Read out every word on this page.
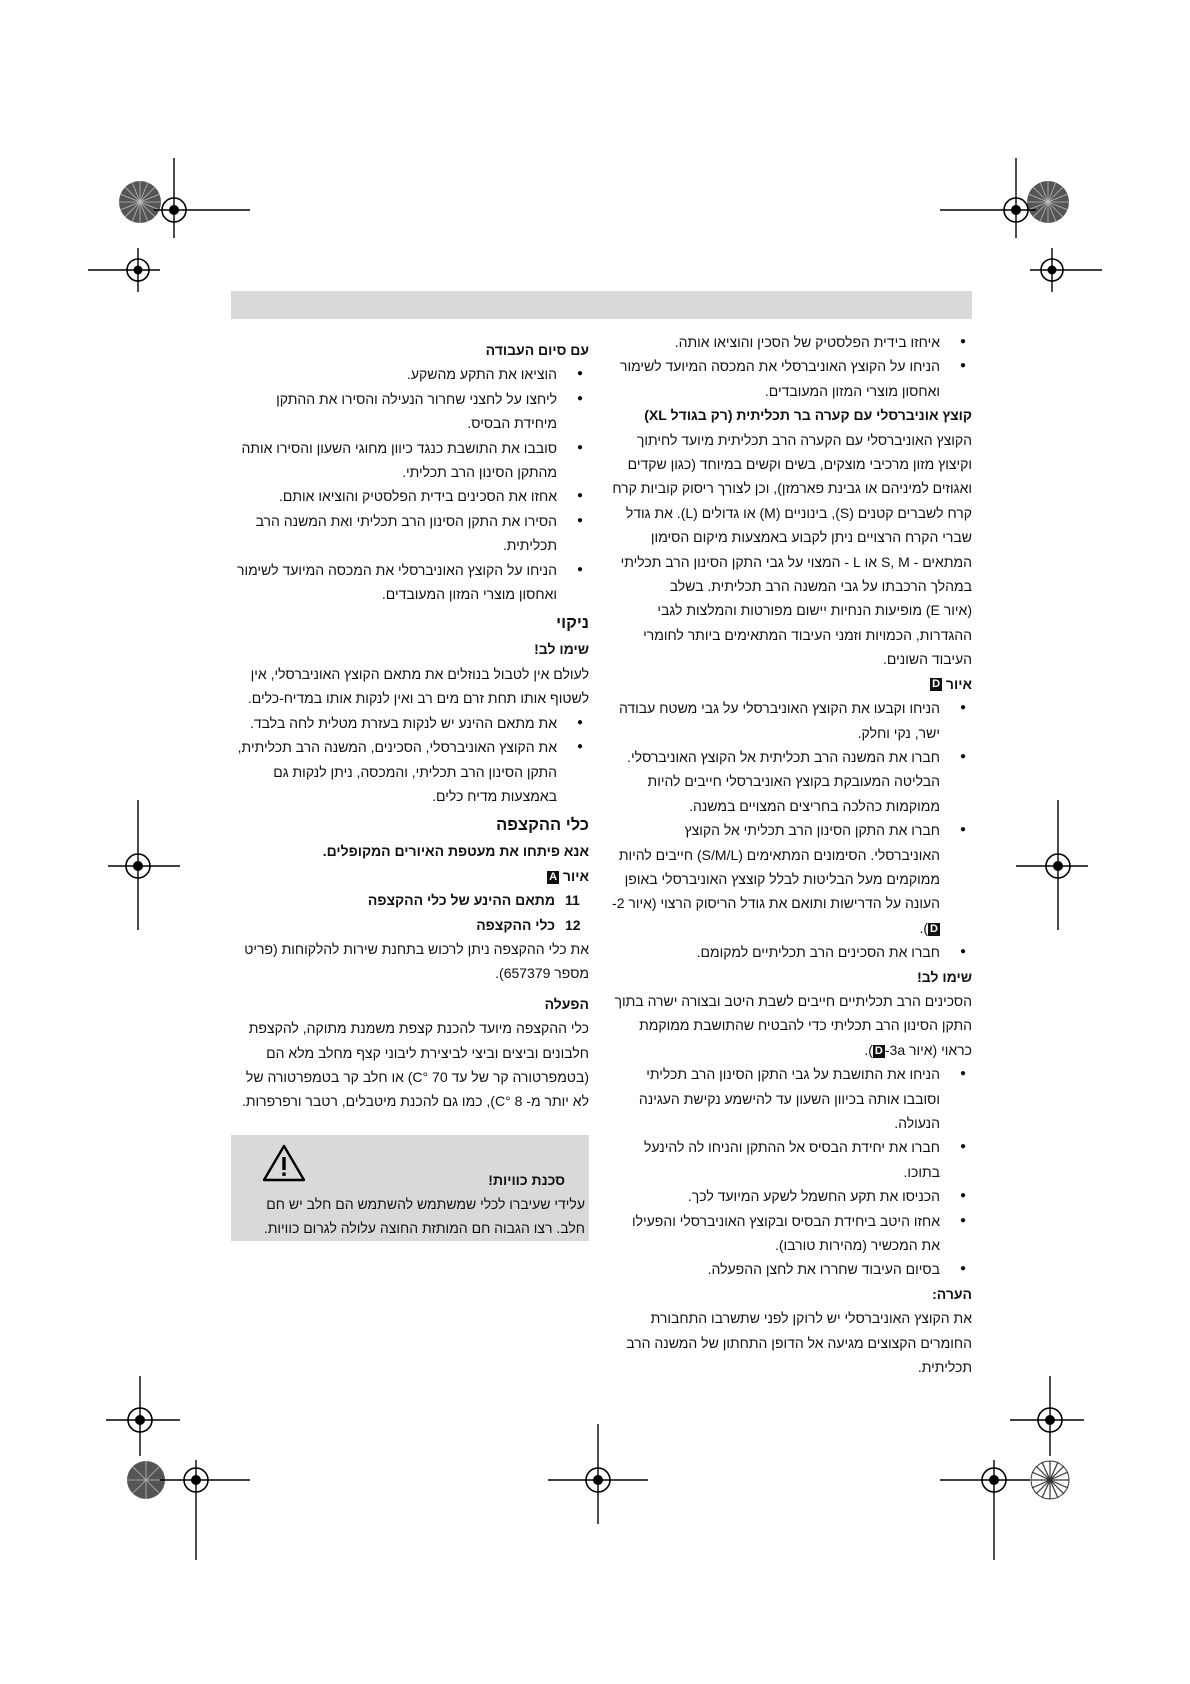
● איחזו בידית הפלסטיק של הסכין והוציאו אותה.
● הניחו על הקוצץ האוניברסלי את המכסה המיועד לשימור ואחסון מוצרי המזון המעובדים.

קוצץ אוניברסלי עם קערה בר תכליתית (רק בגודל XL)

הקוצץ האוניברסלי עם הקערה הרב תכליתית מיועד לחיתוך וקיצוץ מזון מרכיבי מוצקים, בשים וקשים במיוחד (כגון שקדים ואגוזים למיניהם או גבינת פארמזן), וכן לצורך ריסוק קוביות קרח קרח לשברים קטנים (S), בינוניים (M) או גדולים (L). את גודל שברי הקרח הרצויים ניתן לקבוע באמצעות מיקום הסימון המתאים - S, M או L - המצוי על גבי התקן הסינון הרב תכליתי במהלך הרכבתו על גבי המשנה הרב תכליתית. בשלב

(איור E) מופיעות הנחיות יישום מפורטות והמלצות לגבי ההגדרות, הכמויות וזמני העיבוד המתאימים ביותר לחומרי העיבוד השונים.

איור D

● הניחו וקבעו את הקוצץ האוניברסלי על גבי משטח עבודה ישר, נקי וחלק.
● חברו את המשנה הרב תכליתית אל הקוצץ האוניברסלי. הבליטה המעובקת בקוצץ האוניברסלי חייבים להיות ממוקמות כהלכה בחריצים המצויים במשנה.
● חברו את התקן הסינון הרב תכליתי אל הקוצץ האוניברסלי. הסימונים המתאימים (S/M/L) חייבים להיות ממוקמים מעל הבליטות לבלל קוצצץ האוניברסלי באופן העונה על הדרישות ותואם את גודל הריסוק הרצוי (איור 2-D).
● חברו את הסכינים הרב תכליתיים למקומם.

שימו לב!

הסכינים הרב תכליתיים חייבים לשבת היטב ובצורה ישרה בתוך התקן הסינון הרב תכליתי כדי להבטיח שהתושבת ממוקמת כראוי (איור 3a-D).

● הניחו את התושבת על גבי התקן הסינון הרב תכליתי וסובבו אותה בכיוון השעון עד להישמע נקישת העגינה הנעולה.
● חברו את יחידת הבסיס אל ההתקן והניחו לה להינעל בתוכו.
● הכניסו את תקע החשמל לשקע המיועד לכך.
● אחזו היטב ביחידת הבסיס ובקוצץ האוניברסלי והפעילו את המכשיר (מהירות טורבו).
● בסיום העיבוד שחררו את לחצן ההפעלה.

הערה:

את הקוצץ האוניברסלי יש לרוקן לפני שתשרבו התחבורת החומרים הקצוצים מגיעה אל הדופן התחתון של המשנה הרב תכליתית.

עם סיום העבודה

● הוציאו את התקע מהשקע.
● ליחצו על לחצני שחרור הנעילה והסירו את ההתקן מיחידת הבסיס.
● סובבו את התושבת כנגד כיוון מחוגי השעון והסירו אותה מהתקן הסינון הרב תכליתי.
● אחזו את הסכינים בידית הפלסטיק והוציאו אותם.
● הסירו את התקן הסינון הרב תכליתי ואת המשנה הרב תכליתית.
● הניחו על הקוצץ האוניברסלי את המכסה המיועד לשימור ואחסון מוצרי המזון המעובדים.

ניקוי

שימו לב!

לעולם אין לטבול בנוזלים את מתאם הקוצץ האוניברסלי, אין לשטוף אותו תחת זרם מים רב ואין לנקות אותו במדיח-כלים.

● את מתאם ההינע יש לנקות בעזרת מטלית לחה בלבד.
● את הקוצץ האוניברסלי, הסכינים, המשנה הרב תכליתית, התקן הסינון הרב תכליתי, והמכסה, ניתן לנקות גם באמצעות מדיח כלים.

כלי ההקצפה

אנא פיתחו את מעטפת האיורים המקופלים.

איור A

11
מתאם ההינע של כלי ההקצפה
12
כלי ההקצפה

את כלי ההקצפה ניתן לרכוש בתחנת שירות להלקוחות (פריט מספר 657379).

הפעלה

כלי ההקצפה מיועד להכנת קצפת משמנת מתוקה, להקצפת חלבונים וביצים וביצי לביצירת ליבוני קצף מחלב מלא הם (בטמפרטורה קר של עד 70 °C) או חלב קר בטמפרטורה של לא יותר מ- 8 °C), כמו גם להכנת מיטבלים, רטבר ורפרפרות.

סכנת כוויות!
עלידי שעיברו לכלי שמשתמש להשתמש הם חלב יש חם חלב. רצו הגבוה חם המותזת החוצה עלולה לגרום כוויות.
